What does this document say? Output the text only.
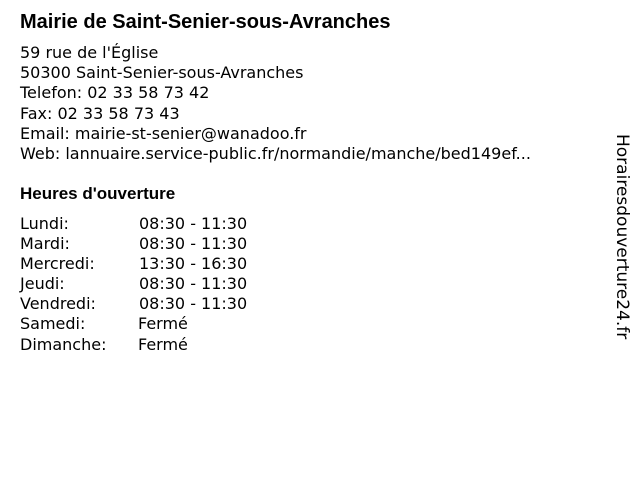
Mairie de Saint-Senier-sous-Avranches
59 rue de l'Église
50300 Saint-Senier-sous-Avranches
Telefon: 02 33 58 73 42
Fax: 02 33 58 73 43
Email: mairie-st-senier@wanadoo.fr
Web: lannuaire.service-public.fr/normandie/manche/bed149ef...
Heures d'ouverture
Lundi:	08:30 - 11:30
Mardi:	08:30 - 11:30
Mercredi:	13:30 - 16:30
Jeudi:	08:30 - 11:30
Vendredi:	08:30 - 11:30
Samedi:	Fermé
Dimanche: Fermé
Horairesdouverture24.fr
